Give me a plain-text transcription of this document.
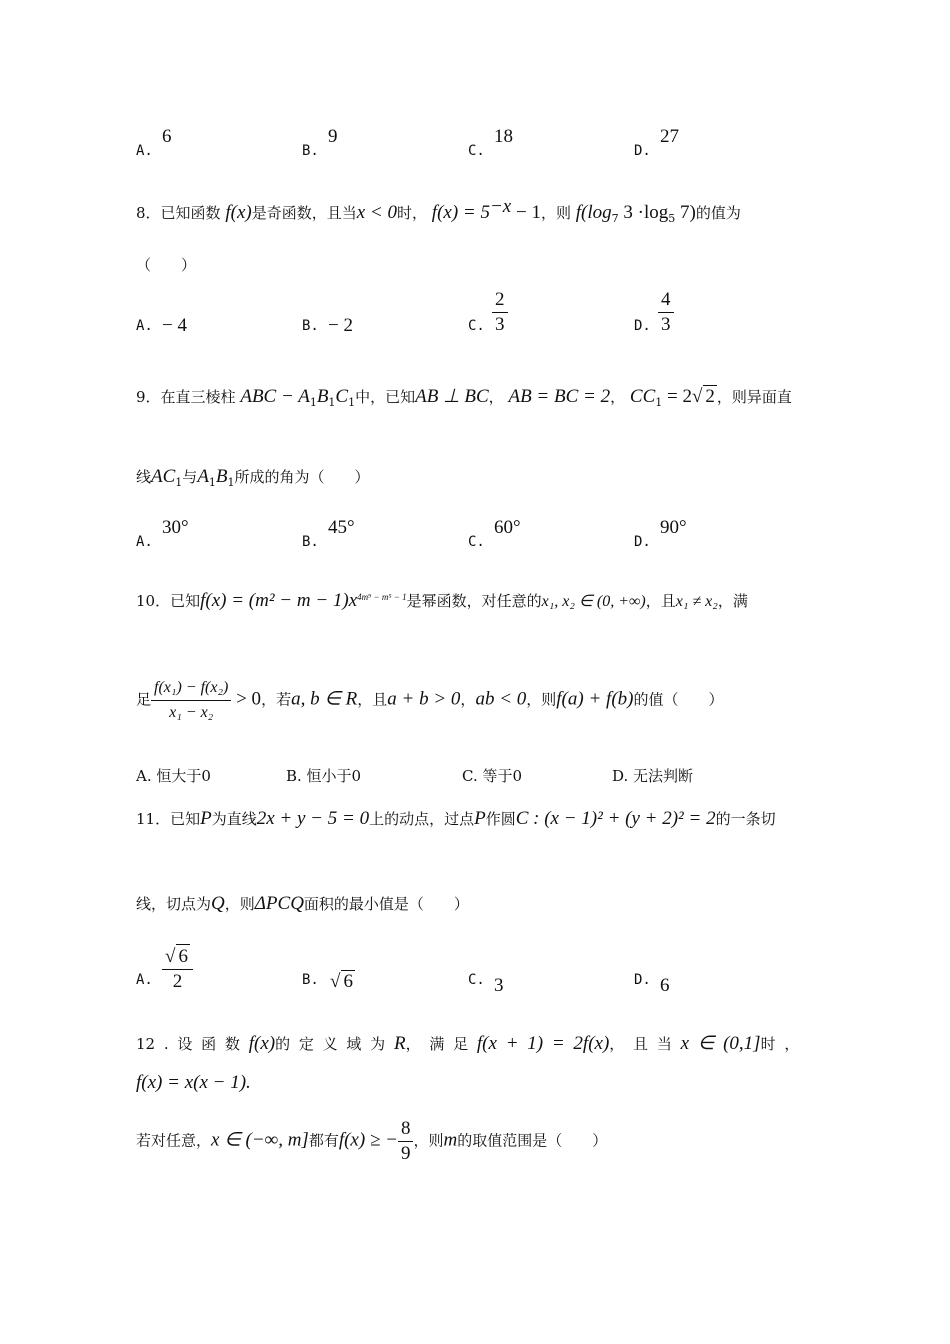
A.
6
B.
9
C.
18
D.
27
8．已知函数 f(x)是奇函数，且当x < 0时， $f(x) = 5^{-x} - 1$，则 $f(\log_7$ $3 \cdot\log_5$ 7)的值为
（　　）
A. − 4	B. − 2	C. $\frac{2}{3}$	D. $\frac{4}{3}$
9．在直三棱柱 ABC − $A_1B_1C_1$中，已知AB ⊥ BC， AB = BC = 2， $CC_1 = 2√$ 2 ，则异面直
线$AC_1$与$A_1B_1$所成的角为（　　）
A.
30°
B.
45°
C.
60°
D.
90°
10．已知$f(x) = (m^2 - m - 1)x^{4m^9 - m^5 - 1}$是幂函数，对任意的x₁, x₂ ∈ (0, +∞)，且x₁ ≠ x₂，满
足 $\frac{\text{f(x₁) − f(x₂)}}{\text{x₁ − x₂}} > 0$，若a, b ∈ R，且a + b > 0，ab < 0，则f(a) + f(b)的值（　　）
A. 恒大于0	B. 恒小于0	C. 等于0	D. 无法判断
11．已知P为直线2x + y − 5 = 0上的动点，过点P作圆C : (x − 1)² + (y + 2)² = 2的一条切
线，切点为Q，则ΔPCQ面积的最小值是（　　）
A. $\frac{√ 6}{2}$	B. √ 6	C. 3	D. 6
12 . 设 函 数 f(x)的 定 义 域 为 R， 满 足 f(x + 1) = 2f(x)， 且 当 x ∈ (0,1]时 ，
f(x) = x(x − 1).
若对任意，x ∈ (−∞, m]都有f(x) ≥ − $\frac{8}{9}$ ，则m的取值范围是（　　）
